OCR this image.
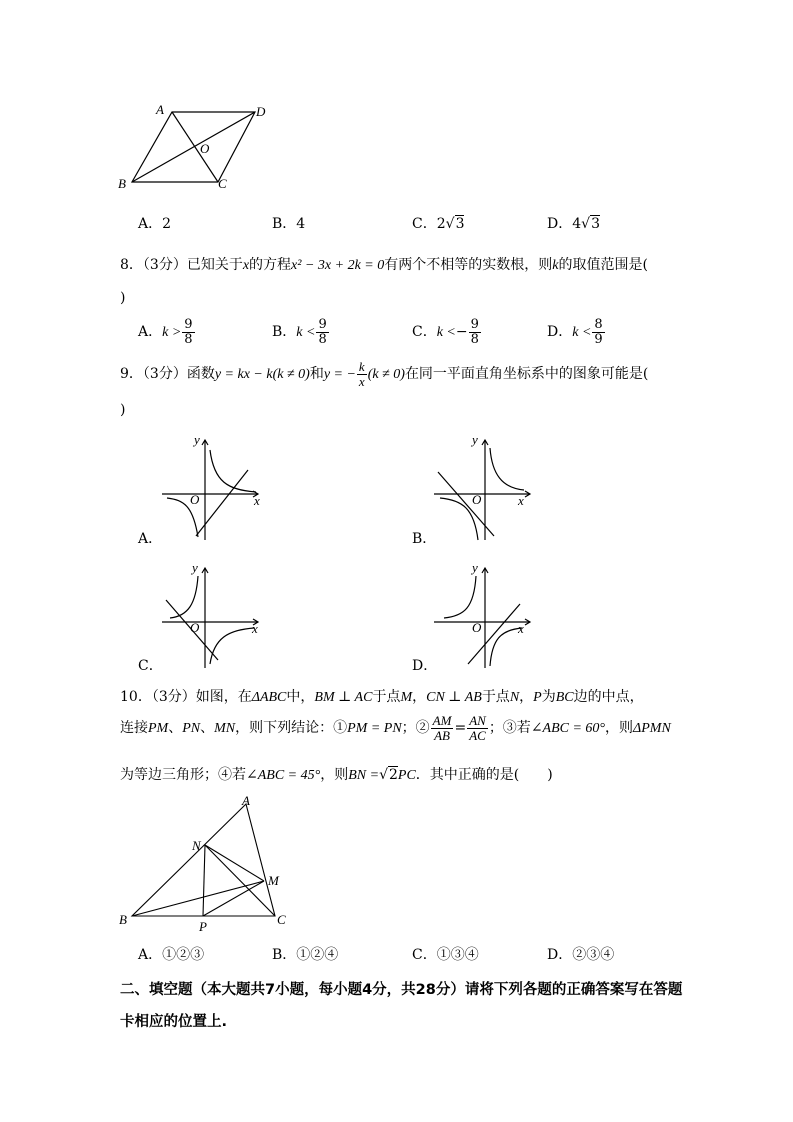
A	D
O
B	C
A．2	B．4	C．2√3	D．4√3
8．（3分）已知关于x的方程x² − 3x + 2k = 0有两个不相等的实数根，则k的取值范围是(
)
A．$k > \frac{9}{8}$	B．$k < \frac{9}{8}$	C．$k <- \frac{9}{8}$	D．$k < \frac{8}{9}$
9．（3分）函数y = kx − k(k ≠ 0)和y = − $\frac{k}{x} (k \ne 0)$在同一平面直角坐标系中的图象可能是(
)
y
O	x
A．
y
O	x
B．
y
O	x
C．
y
O	x
D．
10．（3分）如图，在ΔABC中，BM ⊥ AC于点M，CN ⊥ AB于点N，P为BC边的中点，
连接PM、PN、MN，则下列结论：①PM = PN；② $\frac{AM}{AB} = \frac{AN}{AC}$ ；③若∠ABC = 60°，则ΔPMN
为等边三角形；④若∠ABC = 45°，则BN =√2PC．其中正确的是(　　)
A
N
M
B	P	C
A．①②③	B．①②④	C．①③④	D．②③④
二、填空题（本大题共7小题，每小题4分，共28分）请将下列各题的正确答案写在答题
卡相应的位置上.
